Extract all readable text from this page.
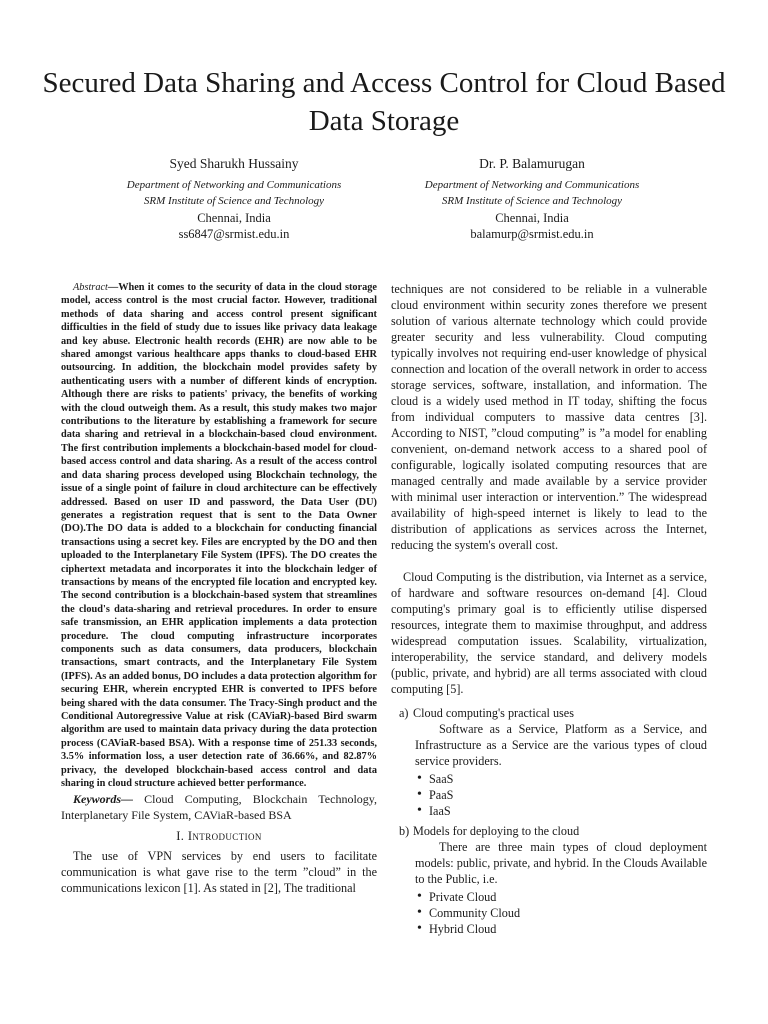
Secured Data Sharing and Access Control for Cloud Based Data Storage
Syed Sharukh Hussainy
Department of Networking and Communications
SRM Institute of Science and Technology
Chennai, India
ss6847@srmist.edu.in
Dr. P. Balamurugan
Department of Networking and Communications
SRM Institute of Science and Technology
Chennai, India
balamurp@srmist.edu.in

Abstract—When it comes to the security of data in the cloud storage model, access control is the most crucial factor. However, traditional methods of data sharing and access control present significant difficulties in the field of study due to issues like privacy data leakage and key abuse. Electronic health records (EHR) are now able to be shared amongst various healthcare apps thanks to cloud-based EHR outsourcing. In addition, the blockchain model provides safety by authenticating users with a number of different kinds of encryption. Although there are risks to patients' privacy, the benefits of working with the cloud outweigh them. As a result, this study makes two major contributions to the literature by establishing a framework for secure data sharing and retrieval in a blockchain-based cloud environment. The first contribution implements a blockchain-based model for cloud-based access control and data sharing. As a result of the access control and data sharing process developed using Blockchain technology, the issue of a single point of failure in cloud architecture can be effectively addressed. Based on user ID and password, the Data User (DU) generates a registration request that is sent to the Data Owner (DO).The DO data is added to a blockchain for conducting financial transactions using a secret key. Files are encrypted by the DO and then uploaded to the Interplanetary File System (IPFS). The DO creates the ciphertext metadata and incorporates it into the blockchain ledger of transactions by means of the encrypted file location and encrypted key. The second contribution is a blockchain-based system that streamlines the cloud's data-sharing and retrieval procedures. In order to ensure safe transmission, an EHR application implements a data protection procedure. The cloud computing infrastructure incorporates components such as data consumers, data producers, blockchain transactions, smart contracts, and the Interplanetary File System (IPFS). As an added bonus, DO includes a data protection algorithm for securing EHR, wherein encrypted EHR is converted to IPFS before being shared with the data consumer. The Tracy-Singh product and the Conditional Autoregressive Value at risk (CAViaR)-based Bird swarm algorithm are used to maintain data privacy during the data protection process (CAViaR-based BSA). With a response time of 251.33 seconds, 3.5% information loss, a user detection rate of 36.66%, and 82.87% privacy, the developed blockchain-based access control and data sharing in cloud structure achieved better performance.

Keywords— Cloud Computing, Blockchain Technology, Interplanetary File System, CAViaR-based BSA

I. Introduction

The use of VPN services by end users to facilitate communication is what gave rise to the term ”cloud” in the communications lexicon [1]. As stated in [2], The traditional

techniques are not considered to be reliable in a vulnerable cloud environment within security zones therefore we present solution of various alternate technology which could provide greater security and less vulnerability. Cloud computing typically involves not requiring end-user knowledge of physical connection and location of the overall network in order to access storage services, software, installation, and information. The cloud is a widely used method in IT today, shifting the focus from individual computers to massive data centres [3]. According to NIST, ”cloud computing” is ”a model for enabling convenient, on-demand network access to a shared pool of configurable, logically isolated computing resources that are managed centrally and made available by a service provider with minimal user interaction or intervention.” The widespread availability of high-speed internet is likely to lead to the distribution of applications as services across the Internet, reducing the system's overall cost.

Cloud Computing is the distribution, via Internet as a service, of hardware and software resources on-demand [4]. Cloud computing's primary goal is to efficiently utilise dispersed resources, integrate them to maximise throughput, and address widespread computation issues. Scalability, virtualization, interoperability, the service standard, and delivery models (public, private, and hybrid) are all terms associated with cloud computing [5].

a) Cloud computing's practical uses

Software as a Service, Platform as a Service, and Infrastructure as a Service are the various types of cloud service providers.

• SaaS
• PaaS
• IaaS
b) Models for deploying to the cloud

There are three main types of cloud deployment models: public, private, and hybrid. In the Clouds Available to the Public, i.e.

• Private Cloud
• Community Cloud
• Hybrid Cloud
